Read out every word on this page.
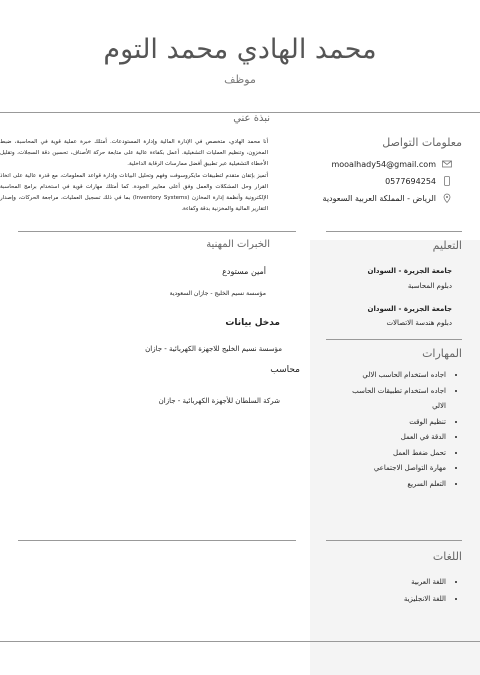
محمد الهادي محمد التوم
موظف
معلومات التواصل
mooalhady54@gmail.com
0577694254
الرياض - المملكة العربية السعودية
التعليم
جامعة الجزيرة - السودان
دبلوم المحاسبة
جامعة الجزيرة - السودان
دبلوم هندسة الاتصالات
المهارات
• اجاده استخدام الحاسب الالي
• اجاده استخدام تطبيقات الحاسب
الالي
• تنظيم الوقت
• الدقة في العمل
• تحمل ضغط العمل
• مهارة التواصل الاجتماعي
• التعلم السريع
اللغات
• اللغة العربية
• اللغة الانجليزية
نبذة عني
أنا محمد الهادي، متخصص في الإدارة المالية وإدارة المستودعات. أمتلك خبرة عملية قوية في المحاسبة، ضبط المخزون، وتنظيم العمليات التشغيلية. أعمل بكفاءة عالية على متابعة حركة الأصناف، تحسين دقة السجلات، وتقليل الأخطاء التشغيلية عبر تطبيق أفضل ممارسات الرقابة الداخلية.
أتميز بإتقان متقدم لتطبيقات مايكروسوفت وفهم وتحليل البيانات وإدارة قواعد المعلومات، مع قدرة عالية على اتخاذ القرار وحل المشكلات والعمل وفق أعلى معايير الجودة. كما أمتلك مهارات قوية في استخدام برامج المحاسبة الإلكترونية وأنظمة إدارة المخازن (Inventory Systems) بما في ذلك تسجيل العمليات، مراجعة الحركات، وإصدار التقارير المالية والمخزنية بدقة وكفاءة.
الخبرات المهنية
أمين مستودع
مؤسسة نسيم الخليج - جازان السعودية
مدخل بيانات
مؤسسة نسيم الخليج للاجهزة الكهربائية - جازان
محاسب
شركة السلطان للأجهزة الكهربائية - جازان
